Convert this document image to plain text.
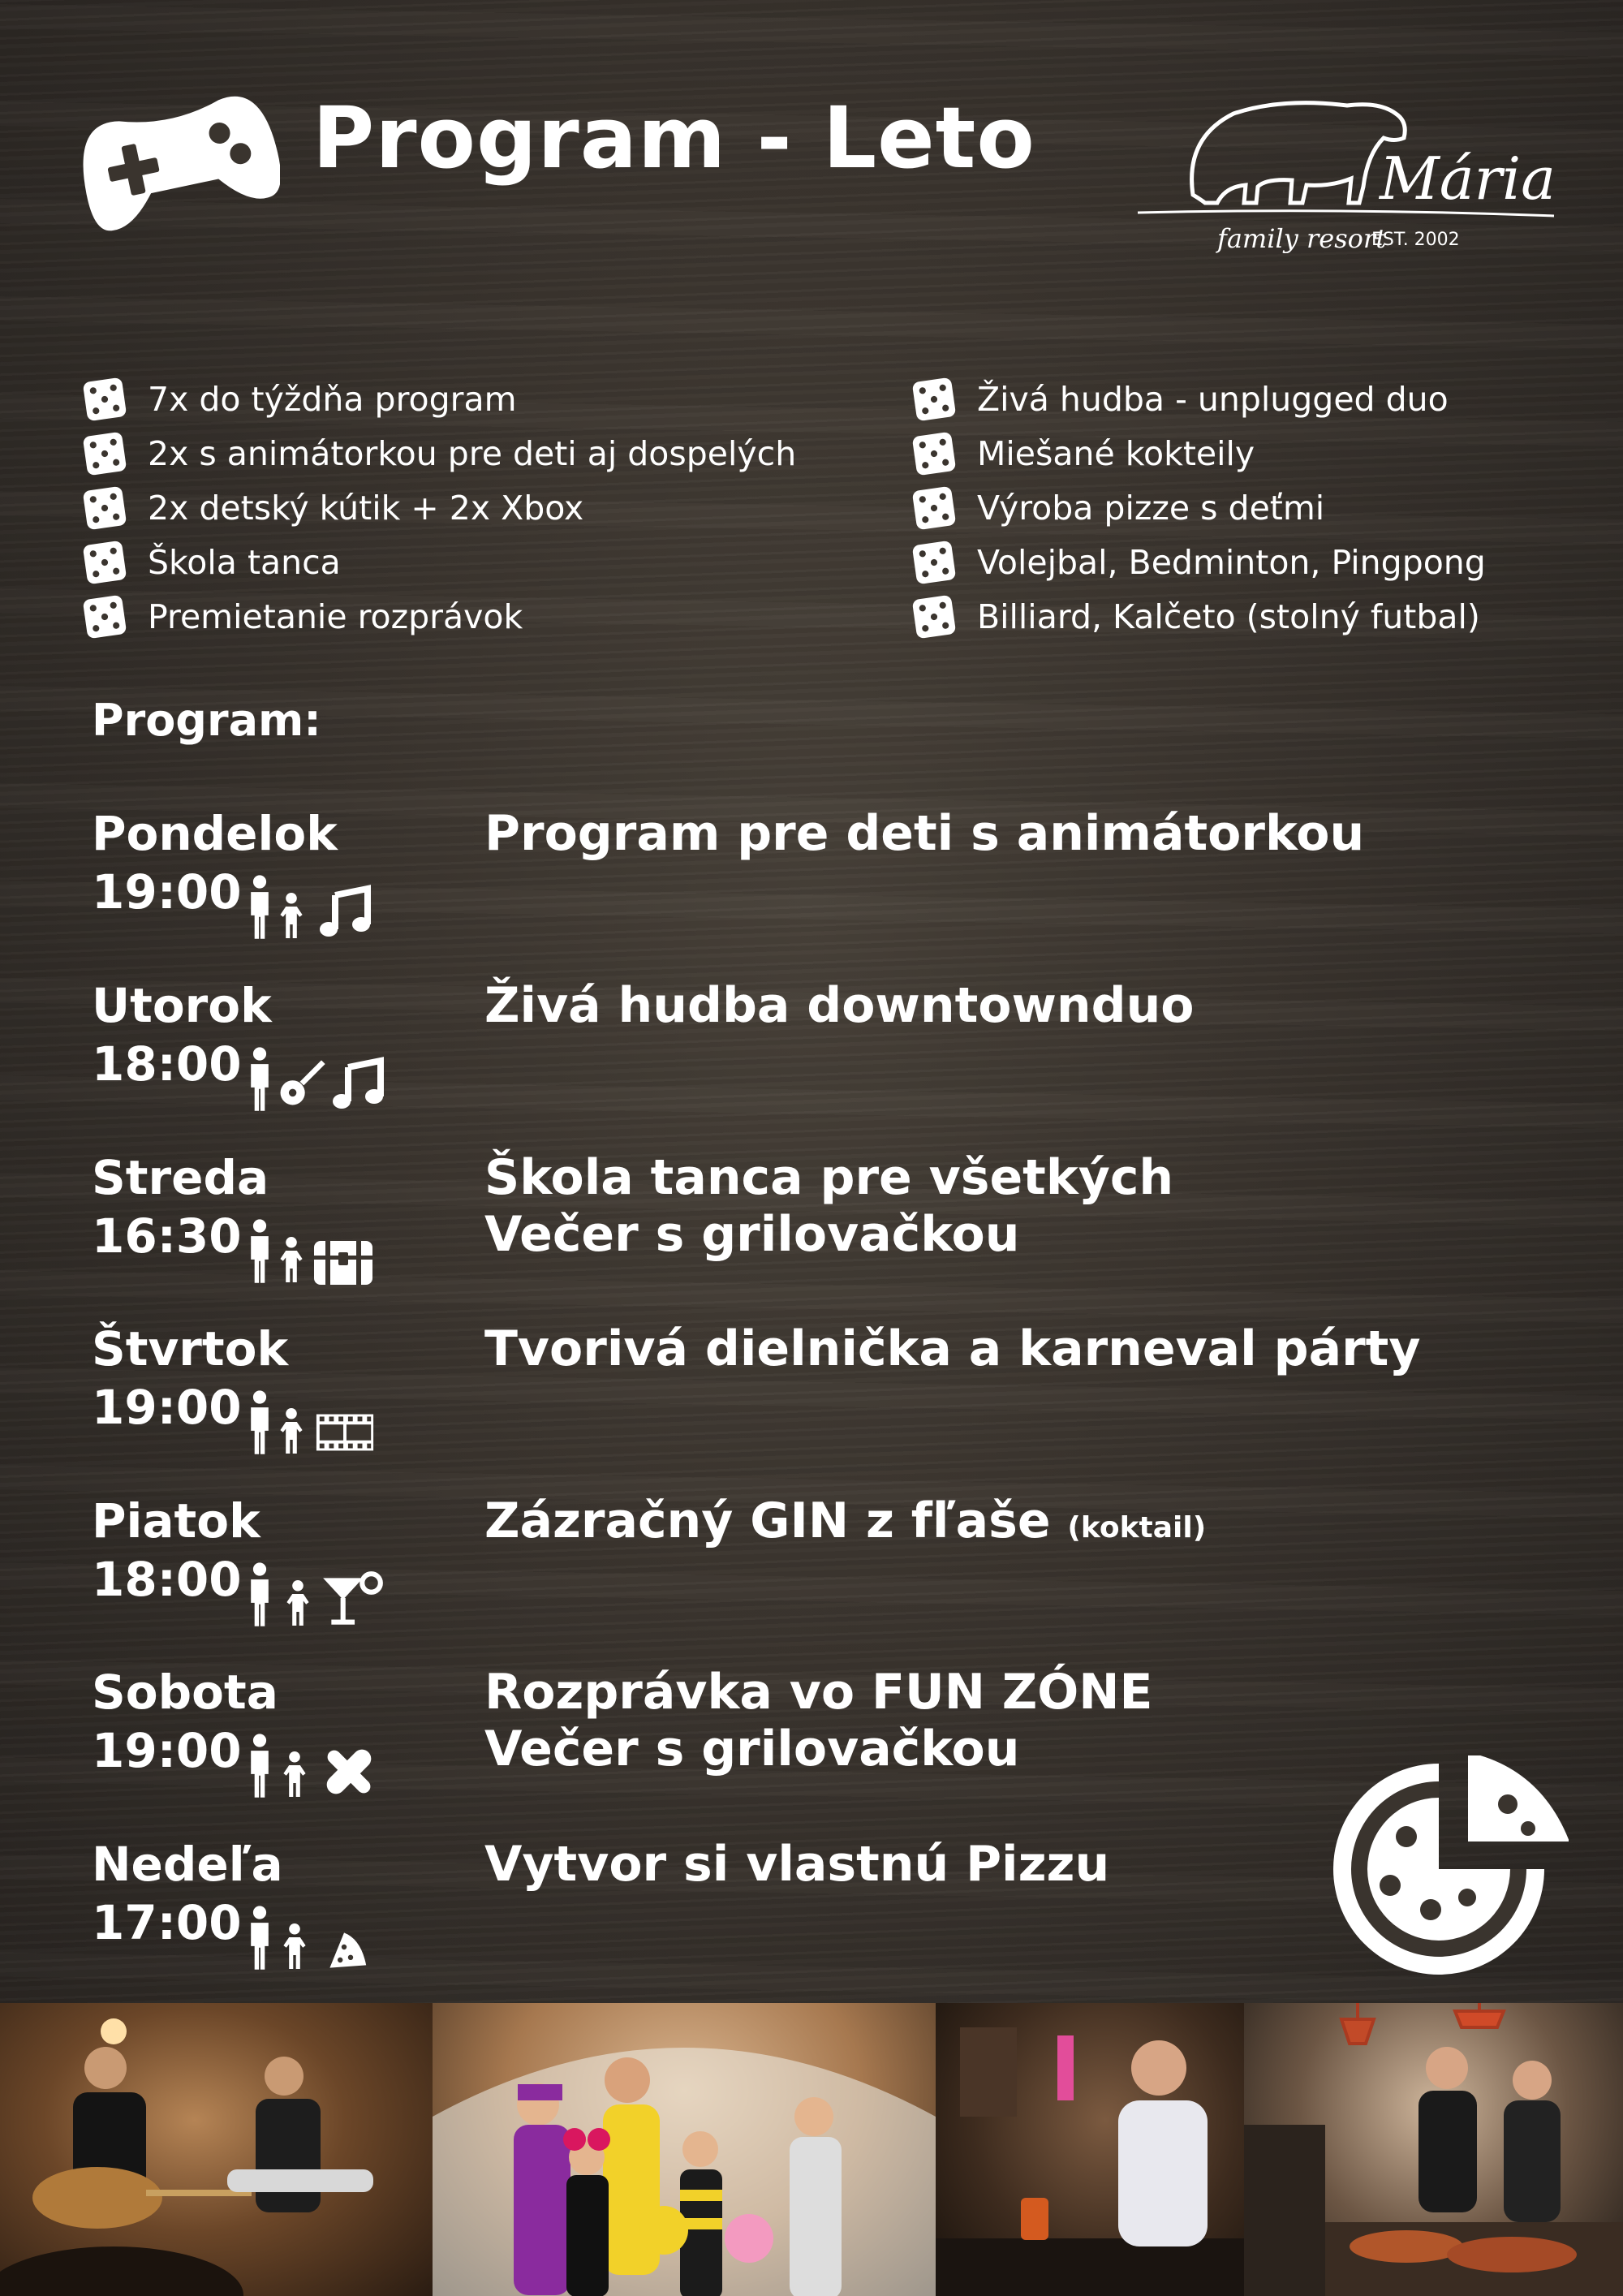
Program - Leto	Mária
family resort
EST. 2002
7x do týždňa program
2x s animátorkou pre deti aj dospelých
2x detský kútik + 2x Xbox
Škola tanca
Premietanie rozprávok
Živá hudba - unplugged duo
Miešané kokteily
Výroba pizze s deťmi
Volejbal, Bedminton, Pingpong
Billiard, Kalčeto (stolný futbal)
Program:
Pondelok
19:00
Program pre deti s animátorkou
Utorok
18:00
Živá hudba downtownduo
Streda
16:30
Škola tanca pre všetkých
Večer s grilovačkou
Štvrtok
19:00
Tvorivá dielnička a karneval párty
Piatok
18:00
Zázračný GIN z fľaše (koktail)
Sobota
19:00
Rozprávka vo FUN ZÓNE
Večer s grilovačkou
Nedeľa
17:00
Vytvor si vlastnú Pizzu
